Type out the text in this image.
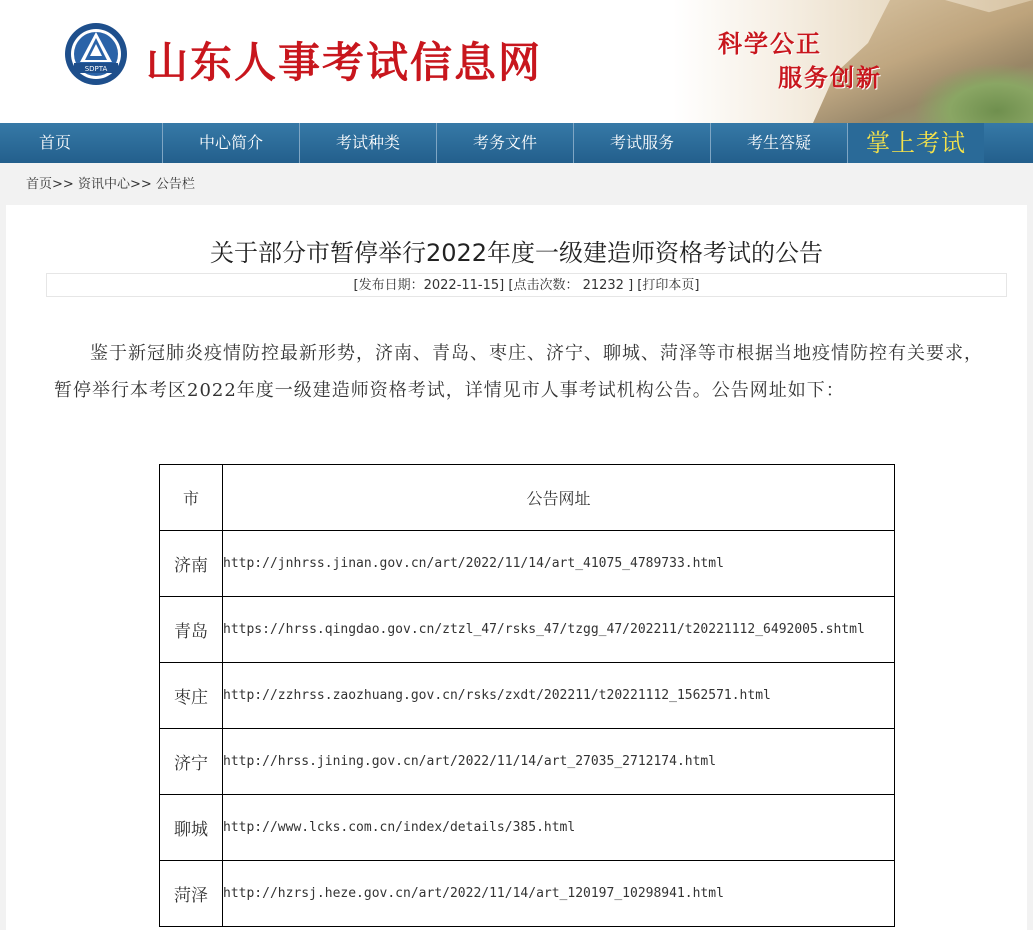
SDPTA 山东人事考试信息网	科学公正
服务创新
首页	中心简介	考试种类	考务文件	考试服务	考生答疑	掌上考试
首页>> 资讯中心>> 公告栏
关于部分市暂停举行2022年度一级建造师资格考试的公告
[发布日期：2022-11-15] [点击次数： 21232 ] [打印本页]
鉴于新冠肺炎疫情防控最新形势，济南、青岛、枣庄、济宁、聊城、菏泽等市根据当地疫情防控有关要求，暂停举行本考区2022年度一级建造师资格考试，详情见市人事考试机构公告。公告网址如下：
市	公告网址
济南	http://jnhrss.jinan.gov.cn/art/2022/11/14/art_41075_4789733.html
青岛	https://hrss.qingdao.gov.cn/ztzl_47/rsks_47/tzgg_47/202211/t20221112_6492005.shtml
枣庄	http://zzhrss.zaozhuang.gov.cn/rsks/zxdt/202211/t20221112_1562571.html
济宁	http://hrss.jining.gov.cn/art/2022/11/14/art_27035_2712174.html
聊城	http://www.lcks.com.cn/index/details/385.html
菏泽	http://hzrsj.heze.gov.cn/art/2022/11/14/art_120197_10298941.html
